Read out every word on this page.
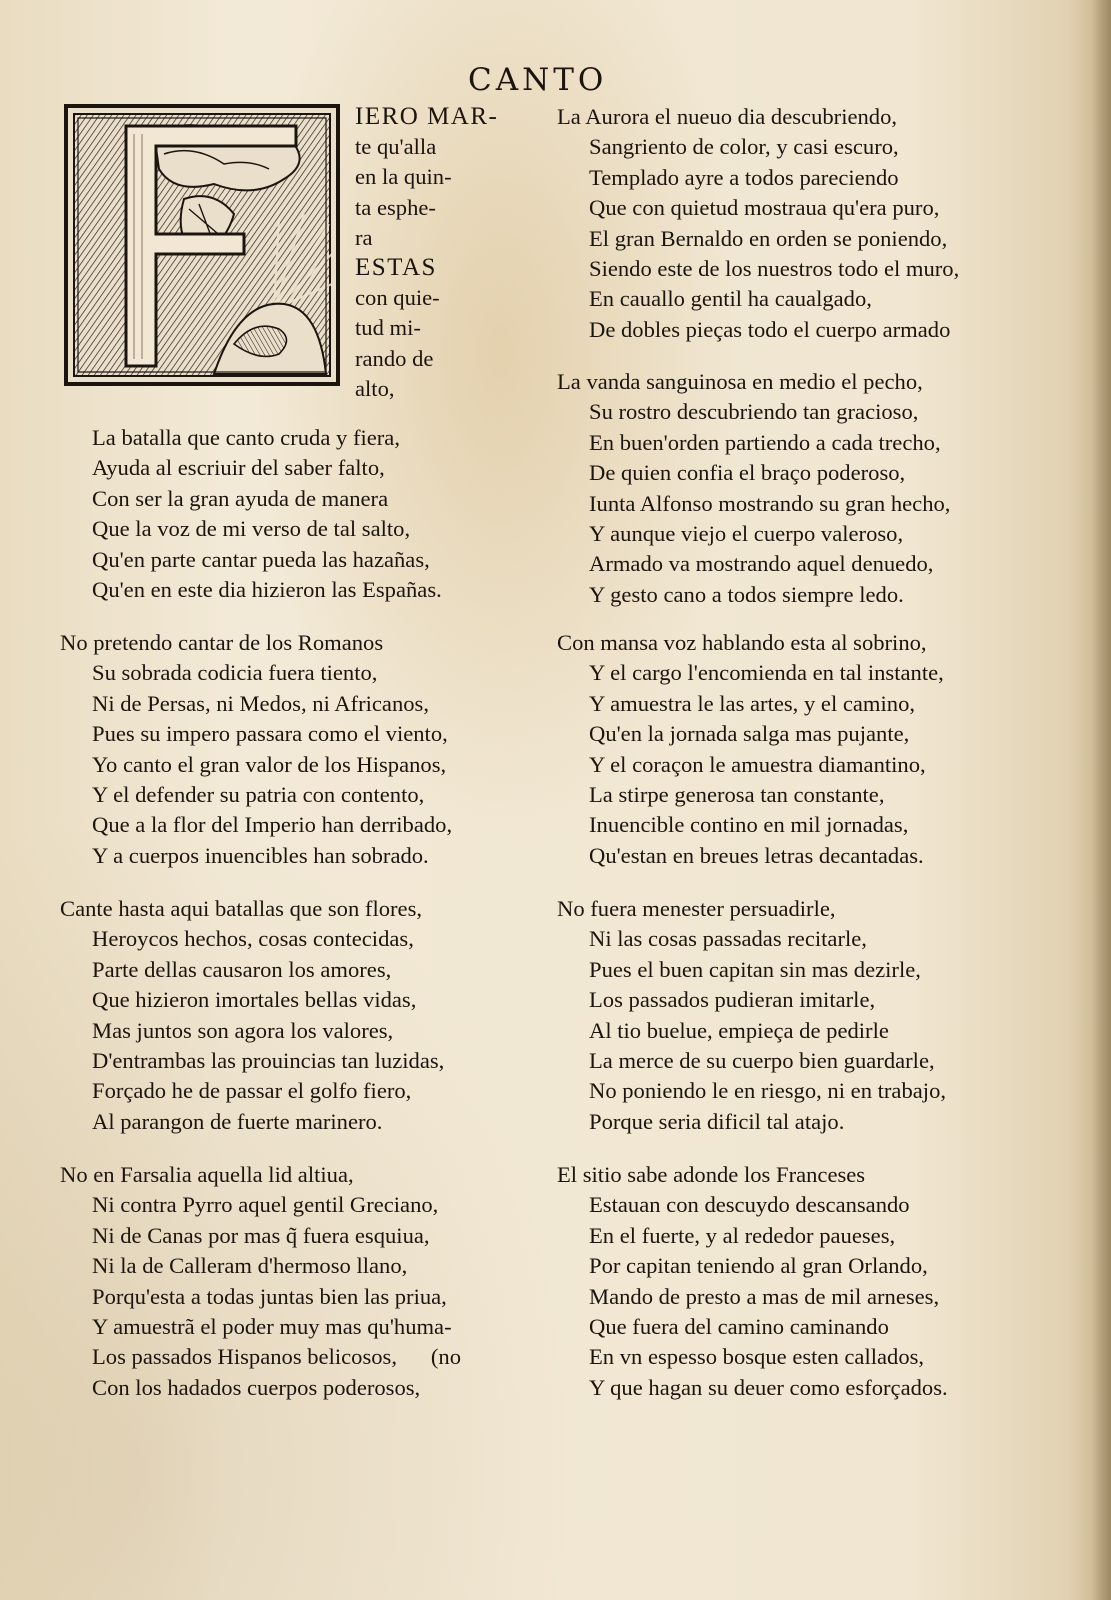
CANTO
IERO MAR-
te qu'alla
en la quin-
ta esphe-
ra
ESTAS
con quie-
tud mi-
rando de
alto,
La batalla que canto cruda y fiera,
Ayuda al escriuir del saber falto,
Con ser la gran ayuda de manera
Que la voz de mi verso de tal salto,
Qu'en parte cantar pueda las hazañas,
Qu'en en este dia hizieron las Españas.
No pretendo cantar de los Romanos
Su sobrada codicia fuera tiento,
Ni de Persas, ni Medos, ni Africanos,
Pues su impero passara como el viento,
Yo canto el gran valor de los Hispanos,
Y el defender su patria con contento,
Que a la flor del Imperio han derribado,
Y a cuerpos inuencibles han sobrado.
Cante hasta aqui batallas que son flores,
Heroycos hechos, cosas contecidas,
Parte dellas causaron los amores,
Que hizieron imortales bellas vidas,
Mas juntos son agora los valores,
D'entrambas las prouincias tan luzidas,
Forçado he de passar el golfo fiero,
Al parangon de fuerte marinero.
No en Farsalia aquella lid altiua,
Ni contra Pyrro aquel gentil Greciano,
Ni de Canas por mas q̃ fuera esquiua,
Ni la de Calleram d'hermoso llano,
Porqu'esta a todas juntas bien las priua,
Y amuestrã el poder muy mas qu'huma-
Los passados Hispanos belicosos,      (no
Con los hadados cuerpos poderosos,
La Aurora el nueuo dia descubriendo,
Sangriento de color, y casi escuro,
Templado ayre a todos pareciendo
Que con quietud mostraua qu'era puro,
El gran Bernaldo en orden se poniendo,
Siendo este de los nuestros todo el muro,
En cauallo gentil ha caualgado,
De dobles pieças todo el cuerpo armado
La vanda sanguinosa en medio el pecho,
Su rostro descubriendo tan gracioso,
En buen'orden partiendo a cada trecho,
De quien confia el braço poderoso,
Iunta Alfonso mostrando su gran hecho,
Y aunque viejo el cuerpo valeroso,
Armado va mostrando aquel denuedo,
Y gesto cano a todos siempre ledo.
Con mansa voz hablando esta al sobrino,
Y el cargo l'encomienda en tal instante,
Y amuestra le las artes, y el camino,
Qu'en la jornada salga mas pujante,
Y el coraçon le amuestra diamantino,
La stirpe generosa tan constante,
Inuencible contino en mil jornadas,
Qu'estan en breues letras decantadas.
No fuera menester persuadirle,
Ni las cosas passadas recitarle,
Pues el buen capitan sin mas dezirle,
Los passados pudieran imitarle,
Al tio buelue, empieça de pedirle
La merce de su cuerpo bien guardarle,
No poniendo le en riesgo, ni en trabajo,
Porque seria dificil tal atajo.
El sitio sabe adonde los Franceses
Estauan con descuydo descansando
En el fuerte, y al rededor paueses,
Por capitan teniendo al gran Orlando,
Mando de presto a mas de mil arneses,
Que fuera del camino caminando
En vn espesso bosque esten callados,
Y que hagan su deuer como esforçados.
